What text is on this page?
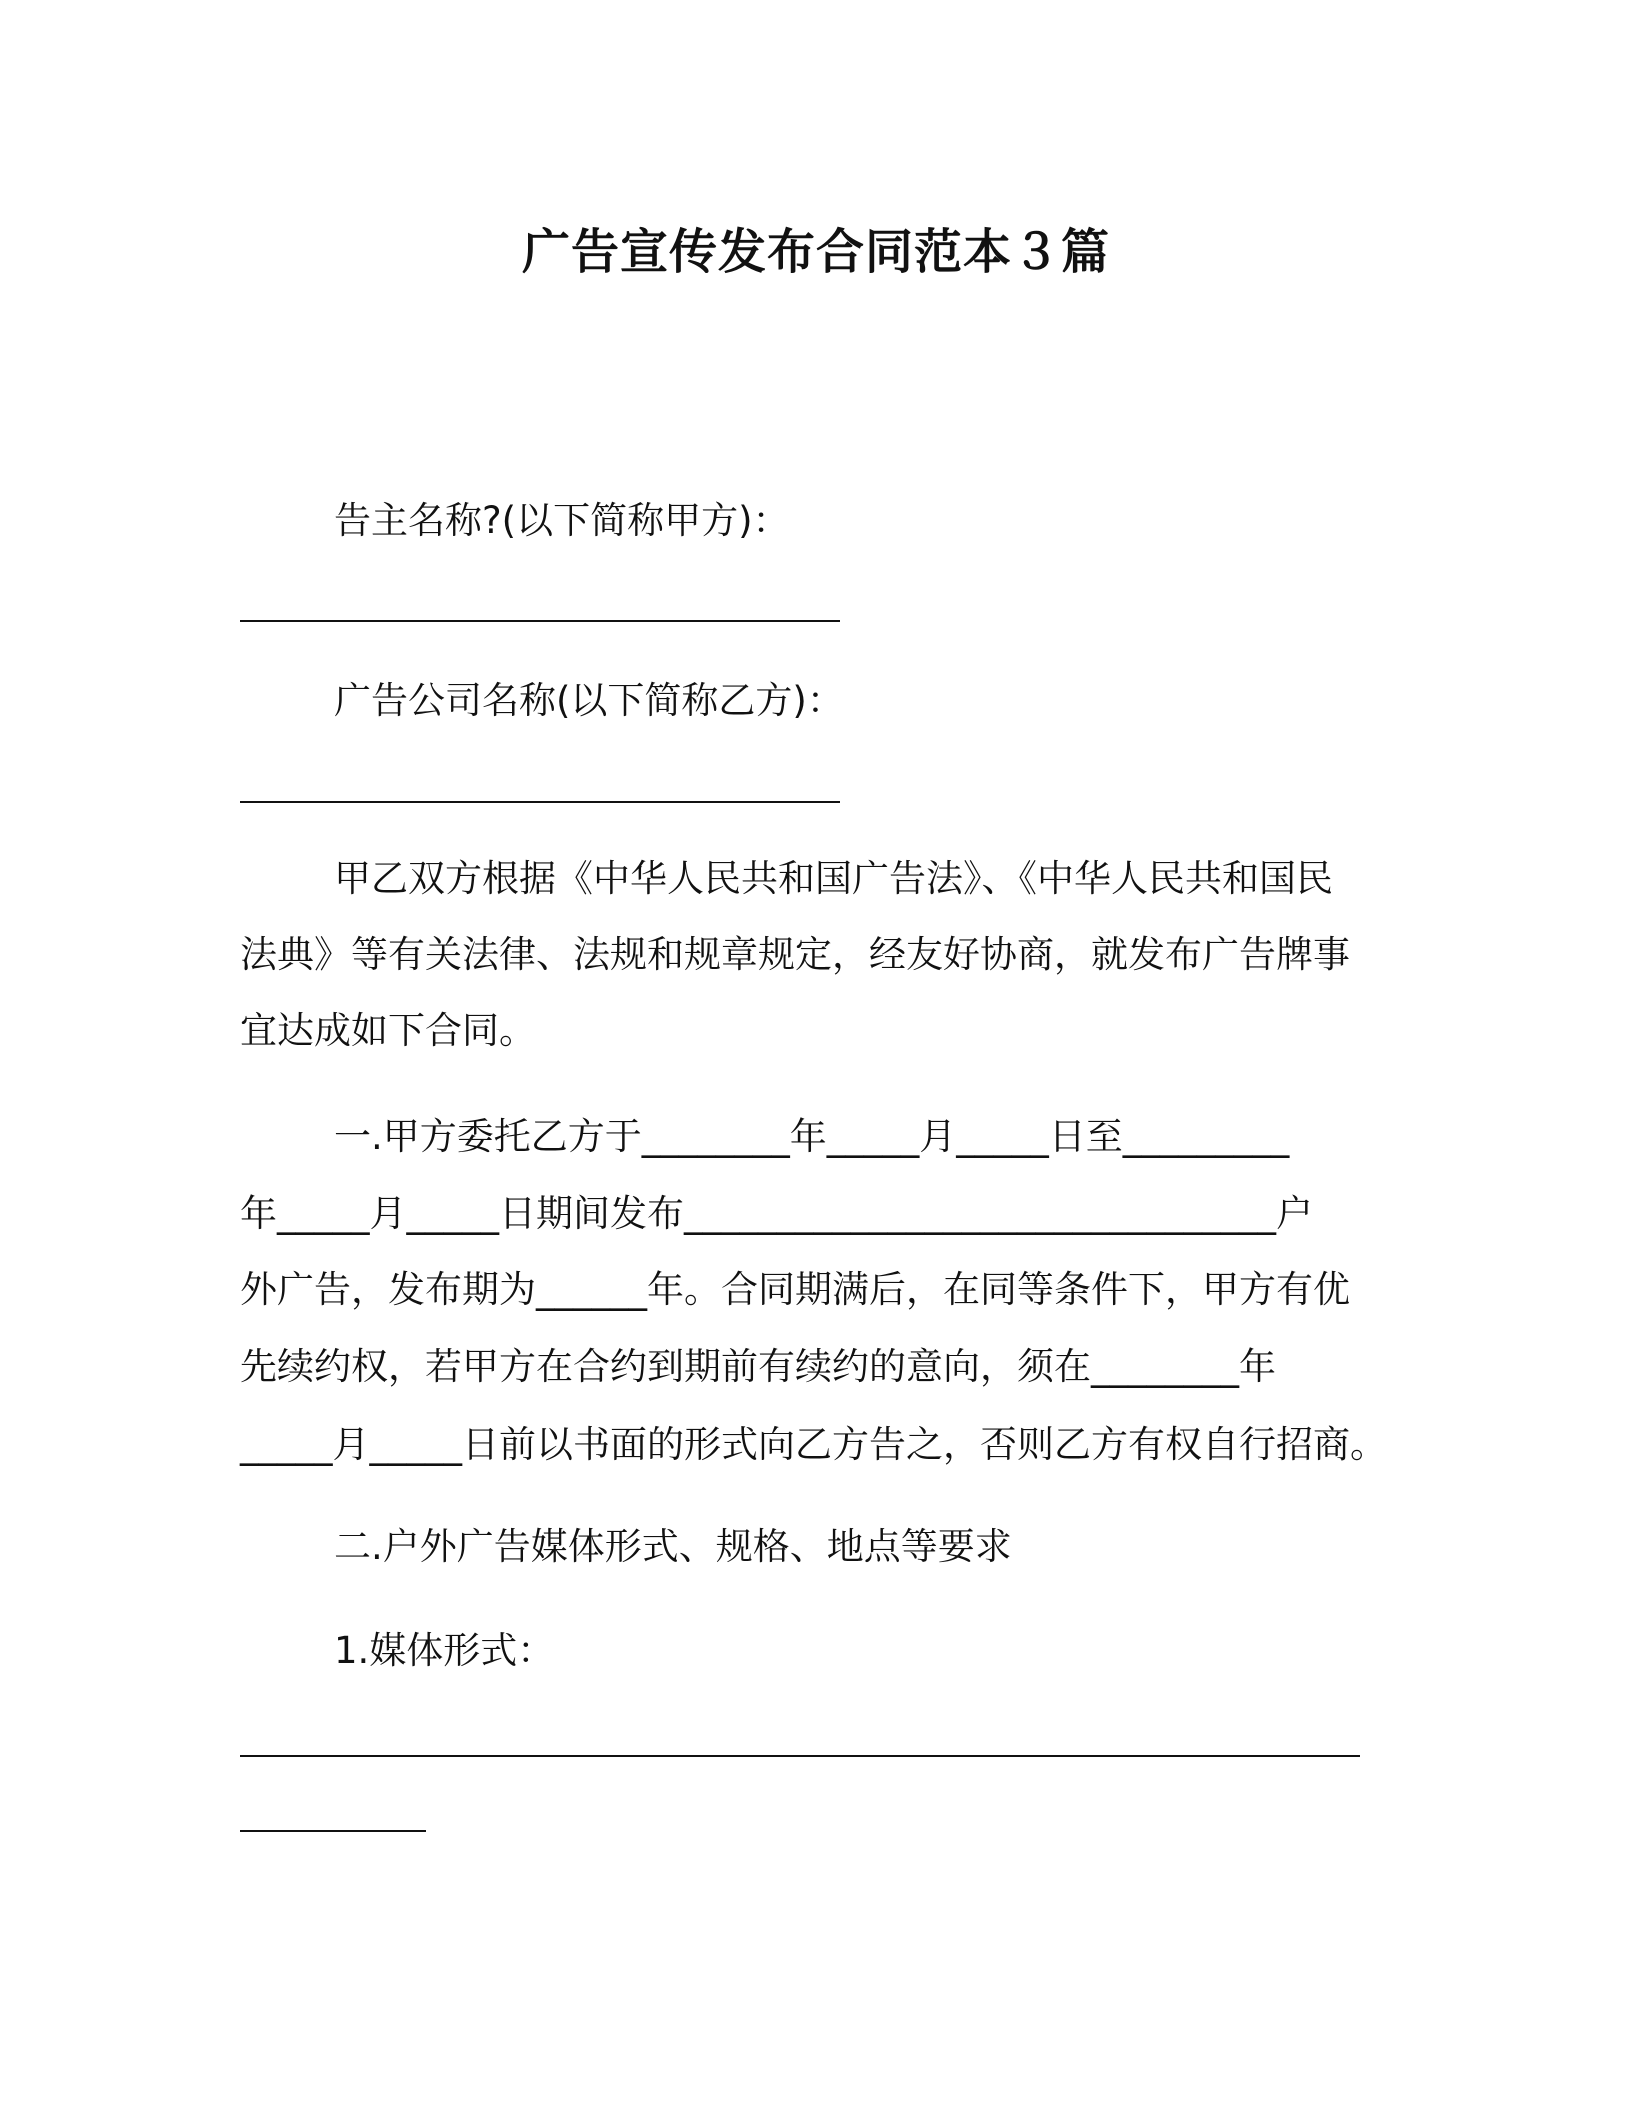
广告宣传发布合同范本３篇
告主名称?(以下简称甲方)：
广告公司名称(以下简称乙方)：
甲乙双方根据《中华人民共和国广告法》、《中华人民共和国民
法典》等有关法律、法规和规章规定，经友好协商，就发布广告牌事
宜达成如下合同。
一.甲方委托乙方于________年_____月_____日至_________
年_____月_____日期间发布________________________________户
外广告，发布期为______年。合同期满后，在同等条件下，甲方有优
先续约权，若甲方在合约到期前有续约的意向，须在________年
_____月_____日前以书面的形式向乙方告之，否则乙方有权自行招商。
二.户外广告媒体形式、规格、地点等要求
1.媒体形式：
